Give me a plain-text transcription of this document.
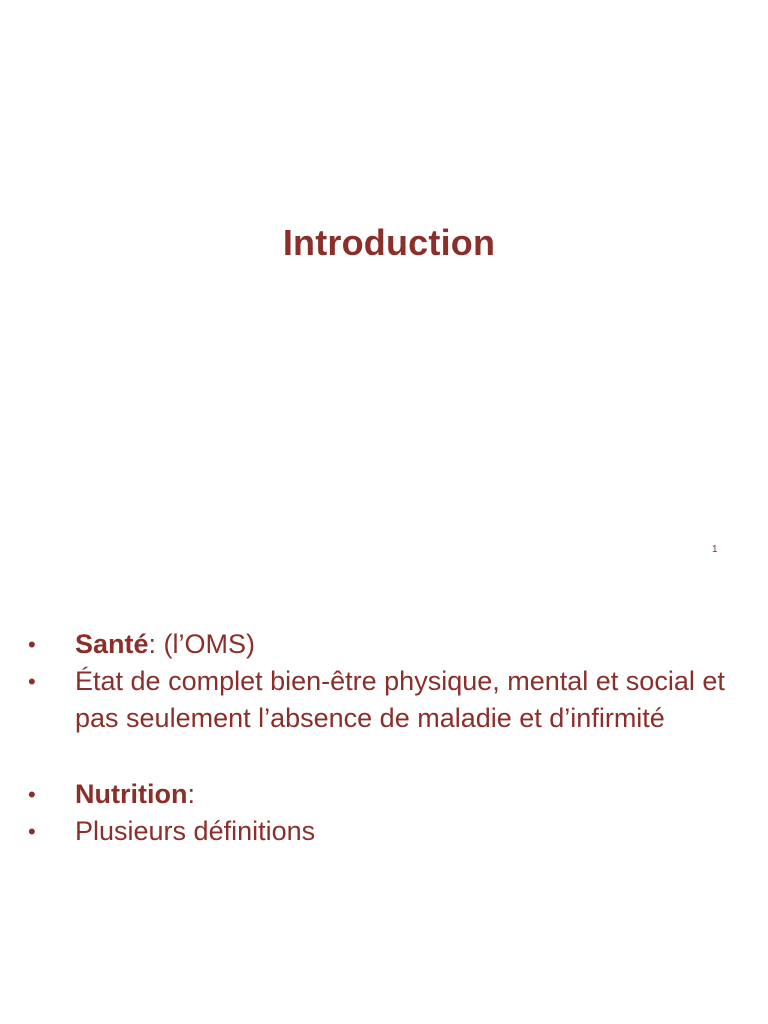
Introduction
1
•	Santé: (l’OMS)
•	État de complet bien-être physique, mental et social et pas seulement l’absence de maladie et d’infirmité
•	Nutrition:
•	Plusieurs définitions
